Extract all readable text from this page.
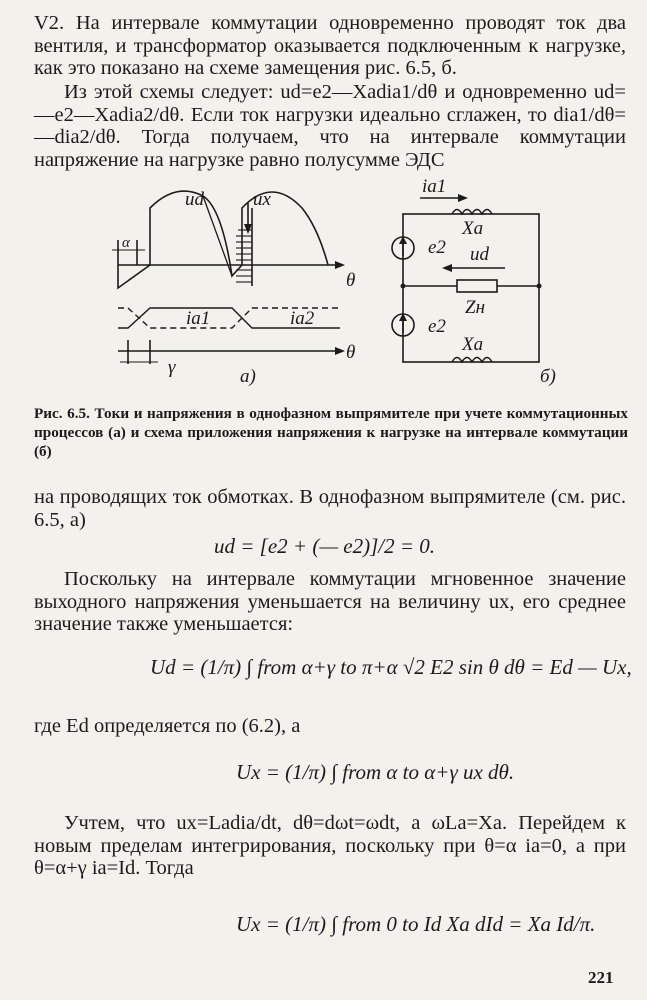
V2. На интервале коммутации одновременно проводят ток два вентиля, и трансформатор оказывается подключенным к нагрузке, как это показано на схеме замещения рис. 6.5, б.
Из этой схемы следует: ud=e2—Xadia1/dθ и одновременно ud=—e2—Xadia2/dθ. Если ток нагрузки идеально сглажен, то dia1/dθ=—dia2/dθ. Тогда получаем, что на интервале коммутации напряжение на нагрузке равно полусумме ЭДС
ud	ux
α
θ
ia1	ia2
θ
γ	а)
ia1
Xa
e2 ud
Zн
e2
Xa
б)
Рис. 6.5. Токи и напряжения в однофазном выпрямителе при учете коммутационных процессов (а) и схема приложения напряжения к нагрузке на интервале коммутации (б)
на проводящих ток обмотках. В однофазном выпрямителе (см. рис. 6.5, а)
ud = [e2 + (— e2)]/2 = 0.
Поскольку на интервале коммутации мгновенное значение выходного напряжения уменьшается на величину ux, его среднее значение также уменьшается:
Ud = (1/π) ∫ from α+γ to π+α √2 E2 sin θ dθ = Ed — Ux,
где Ed определяется по (6.2), а
Ux = (1/π) ∫ from α to α+γ ux dθ.
Учтем, что ux=Ladia/dt, dθ=dωt=ωdt, а ωLa=Xa. Перейдем к новым пределам интегрирования, поскольку при θ=α ia=0, а при θ=α+γ ia=Id. Тогда
Ux = (1/π) ∫ from 0 to Id Xa dId = Xa Id/π.
221
